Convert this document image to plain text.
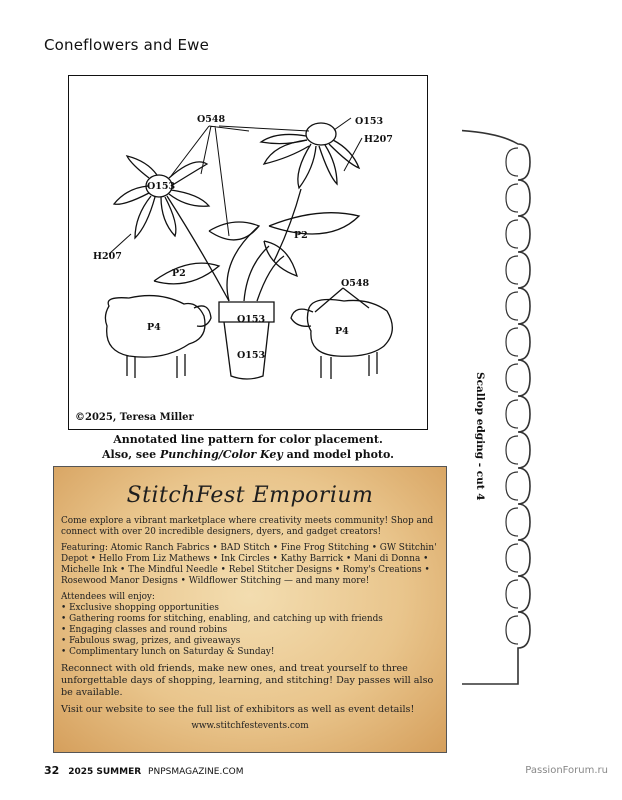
Coneflowers and Ewe
O548	O153
H207
O153
H207
P2
P2
O548
O153
O153
P4	P4
©2025, Teresa Miller
Annotated line pattern for color placement.
Also, see Punching/Color Key and model photo.	Scallop edging - cut 4
StitchFest Emporium

Come explore a vibrant marketplace where creativity meets community! Shop and connect with over 20 incredible designers, dyers, and gadget creators!

Featuring: Atomic Ranch Fabrics • BAD Stitch • Fine Frog Stitching • GW Stitchin' Depot • Hello From Liz Mathews • Ink Circles • Kathy Barrick • Mani di Donna • Michelle Ink • The Mindful Needle • Rebel Stitcher Designs • Romy's Creations • Rosewood Manor Designs • Wildflower Stitching — and many more!

Attendees will enjoy:

• Exclusive shopping opportunities
• Gathering rooms for stitching, enabling, and catching up with friends
• Engaging classes and round robins
• Fabulous swag, prizes, and giveaways
• Complimentary lunch on Saturday & Sunday!

Reconnect with old friends, make new ones, and treat yourself to three unforgettable days of shopping, learning, and stitching! Day passes will also be available.

Visit our website to see the full list of exhibitors as well as event details!

www.stitchfestevents.com

32 2025 SUMMER PNPSMAGAZINE.COM	PassionForum.ru
